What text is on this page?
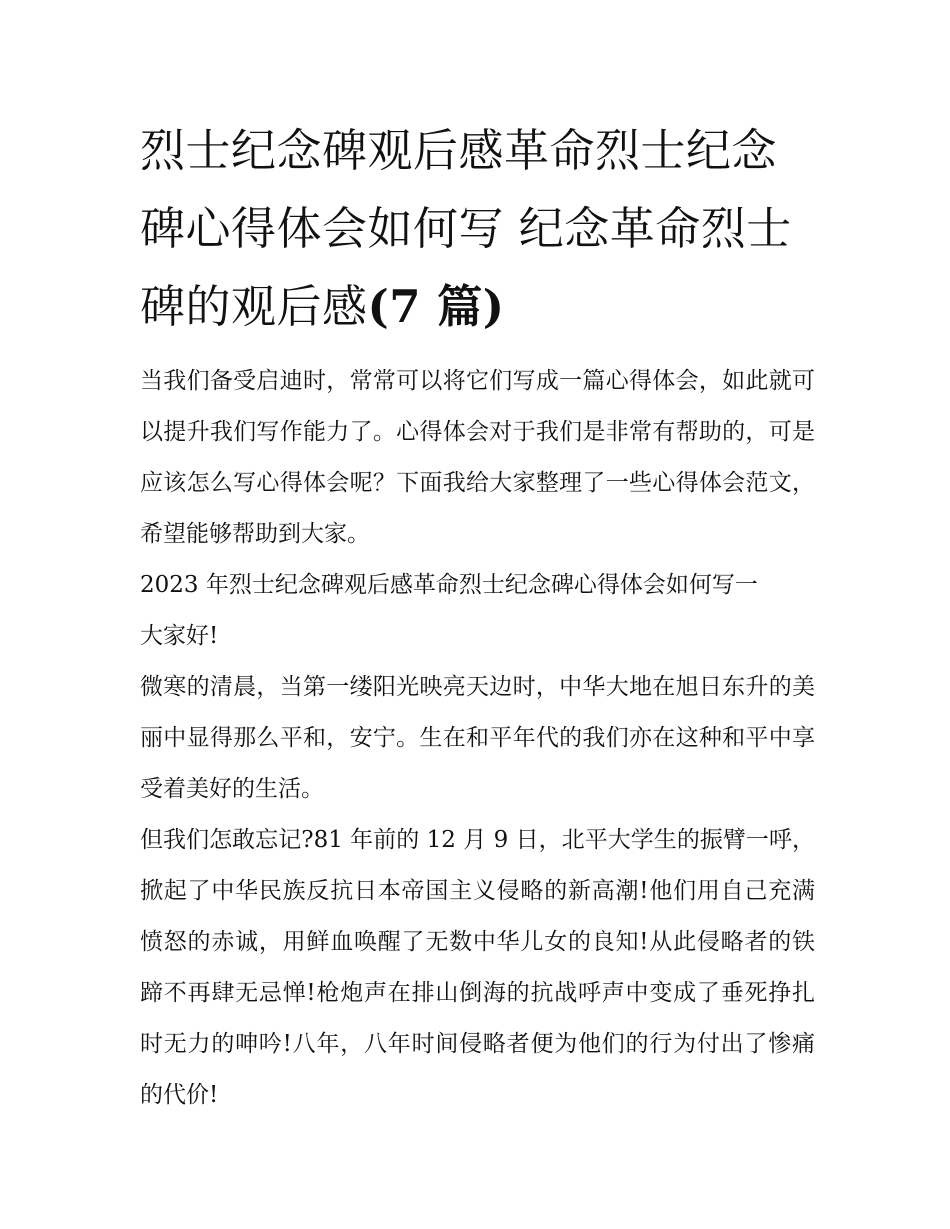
烈士纪念碑观后感革命烈士纪念碑心得体会如何写 纪念革命烈士碑的观后感(7 篇)

当我们备受启迪时，常常可以将它们写成一篇心得体会，如此就可以提升我们写作能力了。心得体会对于我们是非常有帮助的，可是应该怎么写心得体会呢？下面我给大家整理了一些心得体会范文，希望能够帮助到大家。

2023 年烈士纪念碑观后感革命烈士纪念碑心得体会如何写一

大家好!

微寒的清晨，当第一缕阳光映亮天边时，中华大地在旭日东升的美丽中显得那么平和，安宁。生在和平年代的我们亦在这种和平中享受着美好的生活。

但我们怎敢忘记?81 年前的 12 月 9 日，北平大学生的振臂一呼，掀起了中华民族反抗日本帝国主义侵略的新高潮!他们用自己充满愤怒的赤诚，用鲜血唤醒了无数中华儿女的良知!从此侵略者的铁蹄不再肆无忌惮!枪炮声在排山倒海的抗战呼声中变成了垂死挣扎时无力的呻吟!八年，八年时间侵略者便为他们的行为付出了惨痛的代价!
